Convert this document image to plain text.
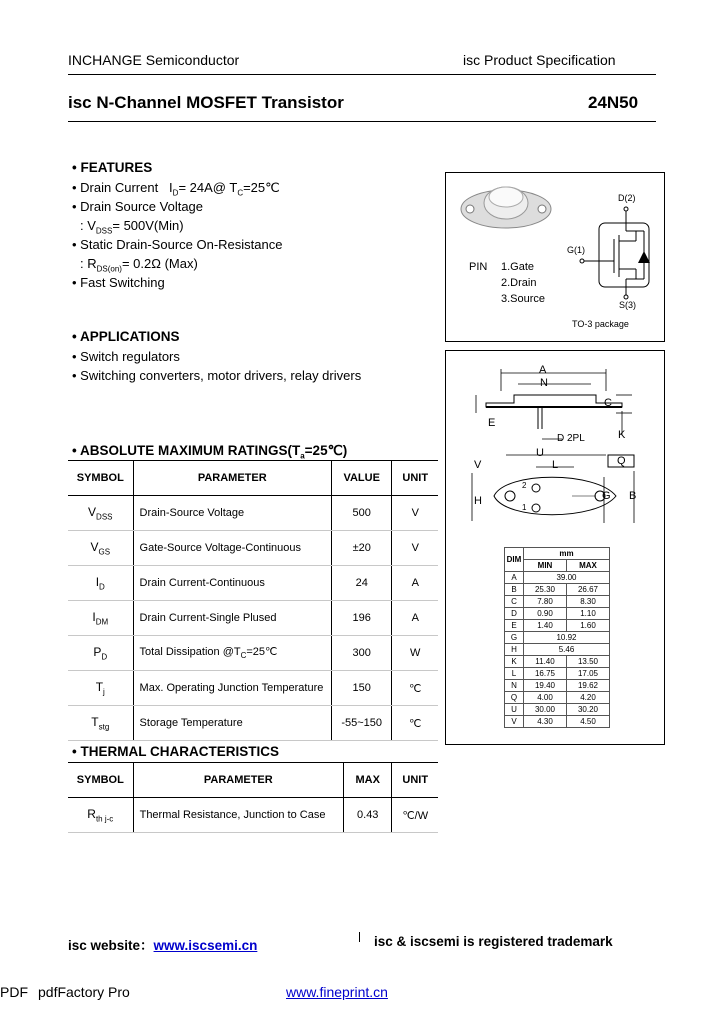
INCHANGE Semiconductor	isc Product Specification
isc N-Channel MOSFET Transistor	24N50
• FEATURES
• Drain Current $I_D=$ 24A@ $T_C=25℃$
• Drain Source Voltage
: $V_{DSS}= 500V(Min)$
• Static Drain-Source On-Resistance
: $R_{DS(on)}= 0.2\Omega$ (Max)
• Fast Switching
• APPLICATIONS
• Switch regulators
• Switching converters, motor drivers, relay drivers
D(2)
G(1)
S(3)
PIN 1.Gate
2.Drain
3.Source
TO-3 package
A
N
C
E
D 2PL	K
U
L	Q
V
H	G B
2
1
DIM	mm	
	MIN	MAX
A	39.00	
B	25.30	26.67
C	7.80	8.30
D	0.90	1.10
E	1.40	1.60
G	10.92	
H	5.46	
K	11.40	13.50
L	16.75	17.05
N	19.40	19.62
Q	4.00	4.20
U	30.00	30.20
V	4.30	4.50
• ABSOLUTE MAXIMUM $RATINGS(T_a=25℃)$
SYMBOL	PARAMETER	VALUE	UNIT
$V_{DSS}$	Drain-Source Voltage	500	V
$V_{GS}$	Gate-Source Voltage-Continuous	±20	V
$I_D$	Drain Current-Continuous	24	A
$I_{DM}$	Drain Current-Single Plused	196	A
$P_D$	Total Dissipation $@T_C=25℃$	300	W
$T_j$	Max. Operating Junction Temperature	150	℃
$T_{stg}$	Storage Temperature	-55~150	℃
• THERMAL CHARACTERISTICS
SYMBOL	PARAMETER	MAX	UNIT
$R_{th j-c}$	Thermal Resistance, Junction to Case	0.43	℃/W
isc website：www.iscsemi.cn	isc & iscsemi is registered trademark
PDF pdfFactory Pro	www.fineprint.cn
